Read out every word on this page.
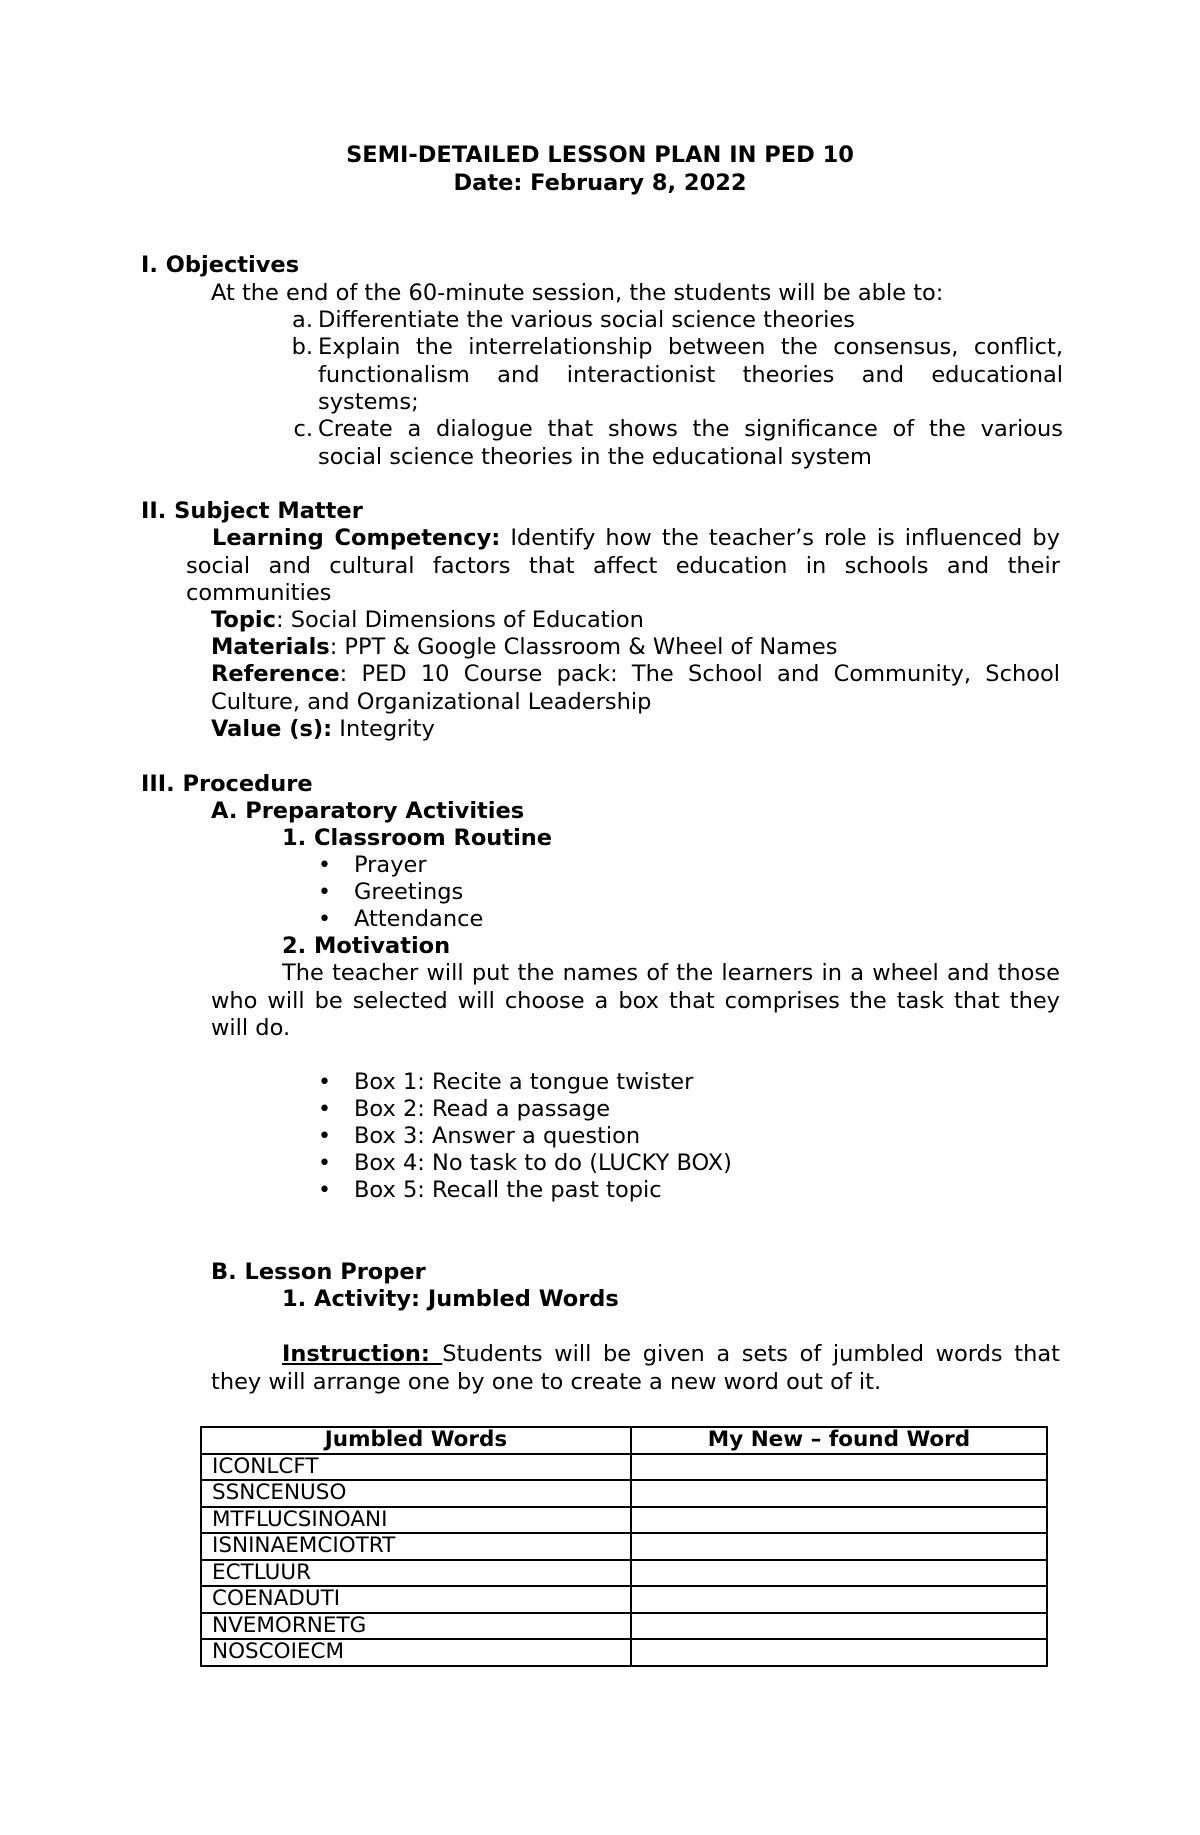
SEMI-DETAILED LESSON PLAN IN PED 10
Date: February 8, 2022
I. Objectives
At the end of the 60-minute session, the students will be able to:
a. Differentiate the various social science theories
b. Explain the interrelationship between the consensus, conflict, functionalism and interactionist theories and educational systems;
c. Create a dialogue that shows the significance of the various social science theories in the educational system
II. Subject Matter
Learning Competency: Identify how the teacher’s role is influenced by social and cultural factors that affect education in schools and their communities
Topic: Social Dimensions of Education
Materials: PPT & Google Classroom & Wheel of Names
Reference: PED 10 Course pack: The School and Community, School Culture, and Organizational Leadership
Value (s): Integrity
III. Procedure
A. Preparatory Activities
1. Classroom Routine
• Prayer
• Greetings
• Attendance
2. Motivation
The teacher will put the names of the learners in a wheel and those who will be selected will choose a box that comprises the task that they will do.
• Box 1: Recite a tongue twister
• Box 2: Read a passage
• Box 3: Answer a question
• Box 4: No task to do (LUCKY BOX)
• Box 5: Recall the past topic
B. Lesson Proper
1. Activity: Jumbled Words
Instruction: Students will be given a sets of jumbled words that they will arrange one by one to create a new word out of it.
Jumbled Words	My New – found Word
ICONLCFT	
SSNCENUSO	
MTFLUCSINOANI	
ISNINAEMCIOTRT	
ECTLUUR	
COENADUTI	
NVEMORNETG	
NOSCOIECM	
